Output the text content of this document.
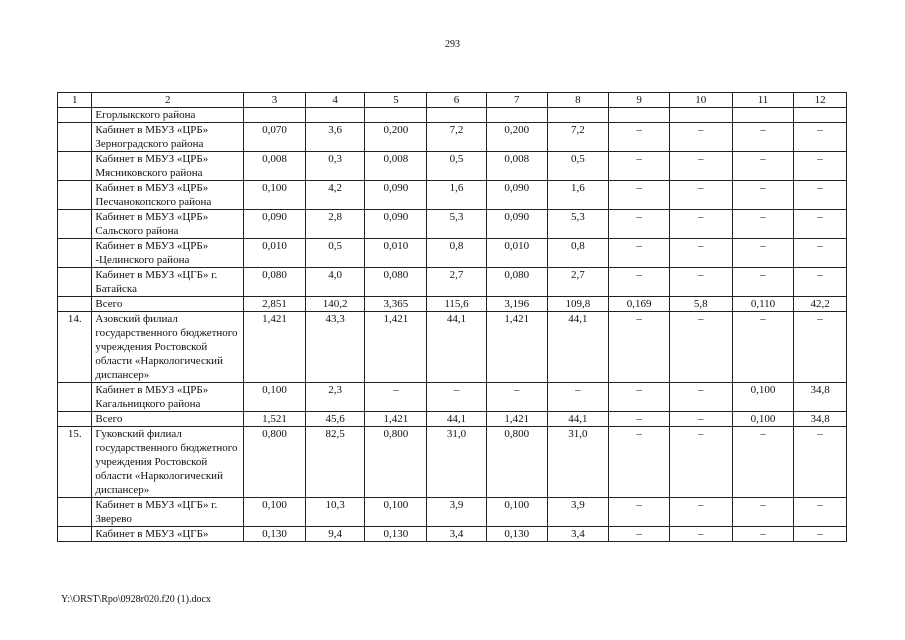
293
1	2	3	4	5	6	7	8	9	10	11	12
	Егорлыкского района										
	Кабинет в МБУЗ «ЦРБ» Зерноградского района	0,070	3,6	0,200	7,2	0,200	7,2	–	–	–	–
	Кабинет в МБУЗ «ЦРБ» Мясниковского района	0,008	0,3	0,008	0,5	0,008	0,5	–	–	–	–
	Кабинет в МБУЗ «ЦРБ» Песчанокопского района	0,100	4,2	0,090	1,6	0,090	1,6	–	–	–	–
	Кабинет в МБУЗ «ЦРБ» Сальского района	0,090	2,8	0,090	5,3	0,090	5,3	–	–	–	–
	Кабинет в МБУЗ «ЦРБ» -Целинского района	0,010	0,5	0,010	0,8	0,010	0,8	–	–	–	–
	Кабинет в МБУЗ «ЦГБ» г. Батайска	0,080	4,0	0,080	2,7	0,080	2,7	–	–	–	–
	Всего	2,851	140,2	3,365	115,6	3,196	109,8	0,169	5,8	0,110	42,2
14.	Азовский филиал государственного бюджетного учреждения Ростовской области «Наркологический диспансер»	1,421	43,3	1,421	44,1	1,421	44,1	–	–	–	–
	Кабинет в МБУЗ «ЦРБ» Кагальницкого района	0,100	2,3	–	–	–	–	–	–	0,100	34,8
	Всего	1,521	45,6	1,421	44,1	1,421	44,1	–	–	0,100	34,8
15.	Гуковский филиал государственного бюджетного учреждения Ростовской области «Наркологический диспансер»	0,800	82,5	0,800	31,0	0,800	31,0	–	–	–	–
	Кабинет в МБУЗ «ЦГБ» г. Зверево	0,100	10,3	0,100	3,9	0,100	3,9	–	–	–	–
	Кабинет в МБУЗ «ЦГБ»	0,130	9,4	0,130	3,4	0,130	3,4	–	–	–	–
Y:\ORST\Rpo\0928r020.f20 (1).docx
